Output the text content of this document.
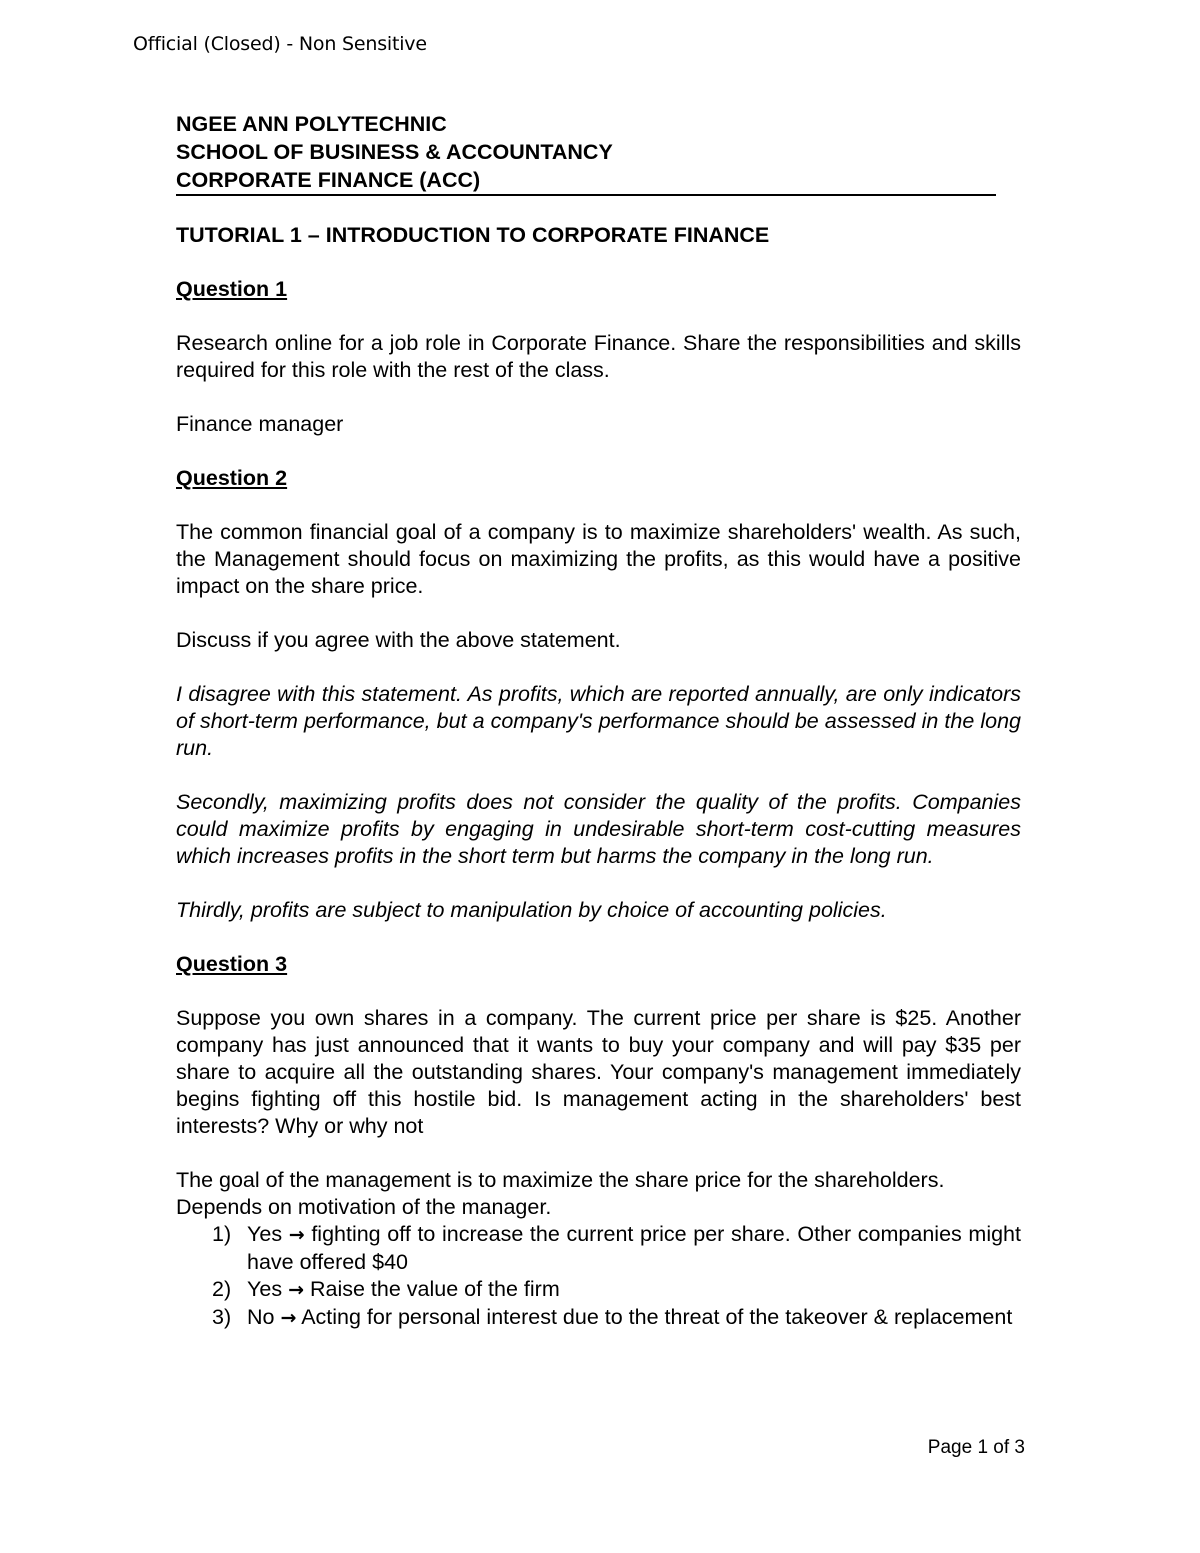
Official (Closed) - Non Sensitive
NGEE ANN POLYTECHNIC
SCHOOL OF BUSINESS & ACCOUNTANCY
CORPORATE FINANCE (ACC)
TUTORIAL 1 – INTRODUCTION TO CORPORATE FINANCE
Question 1

Research online for a job role in Corporate Finance. Share the responsibilities and skills required for this role with the rest of the class.

Finance manager

Question 2

The common financial goal of a company is to maximize shareholders' wealth. As such, the Management should focus on maximizing the profits, as this would have a positive impact on the share price.

Discuss if you agree with the above statement.

I disagree with this statement. As profits, which are reported annually, are only indicators of short-term performance, but a company's performance should be assessed in the long run.

Secondly, maximizing profits does not consider the quality of the profits. Companies could maximize profits by engaging in undesirable short-term cost-cutting measures which increases profits in the short term but harms the company in the long run.

Thirdly, profits are subject to manipulation by choice of accounting policies.

Question 3

Suppose you own shares in a company. The current price per share is $25. Another company has just announced that it wants to buy your company and will pay $35 per share to acquire all the outstanding shares. Your company's management immediately begins fighting off this hostile bid. Is management acting in the shareholders' best interests? Why or why not

The goal of the management is to maximize the share price for the shareholders.

Depends on motivation of the manager.

1) Yes → fighting off to increase the current price per share. Other companies might have offered $40
2) Yes → Raise the value of the firm
3) No → Acting for personal interest due to the threat of the takeover & replacement
Page 1 of 3
